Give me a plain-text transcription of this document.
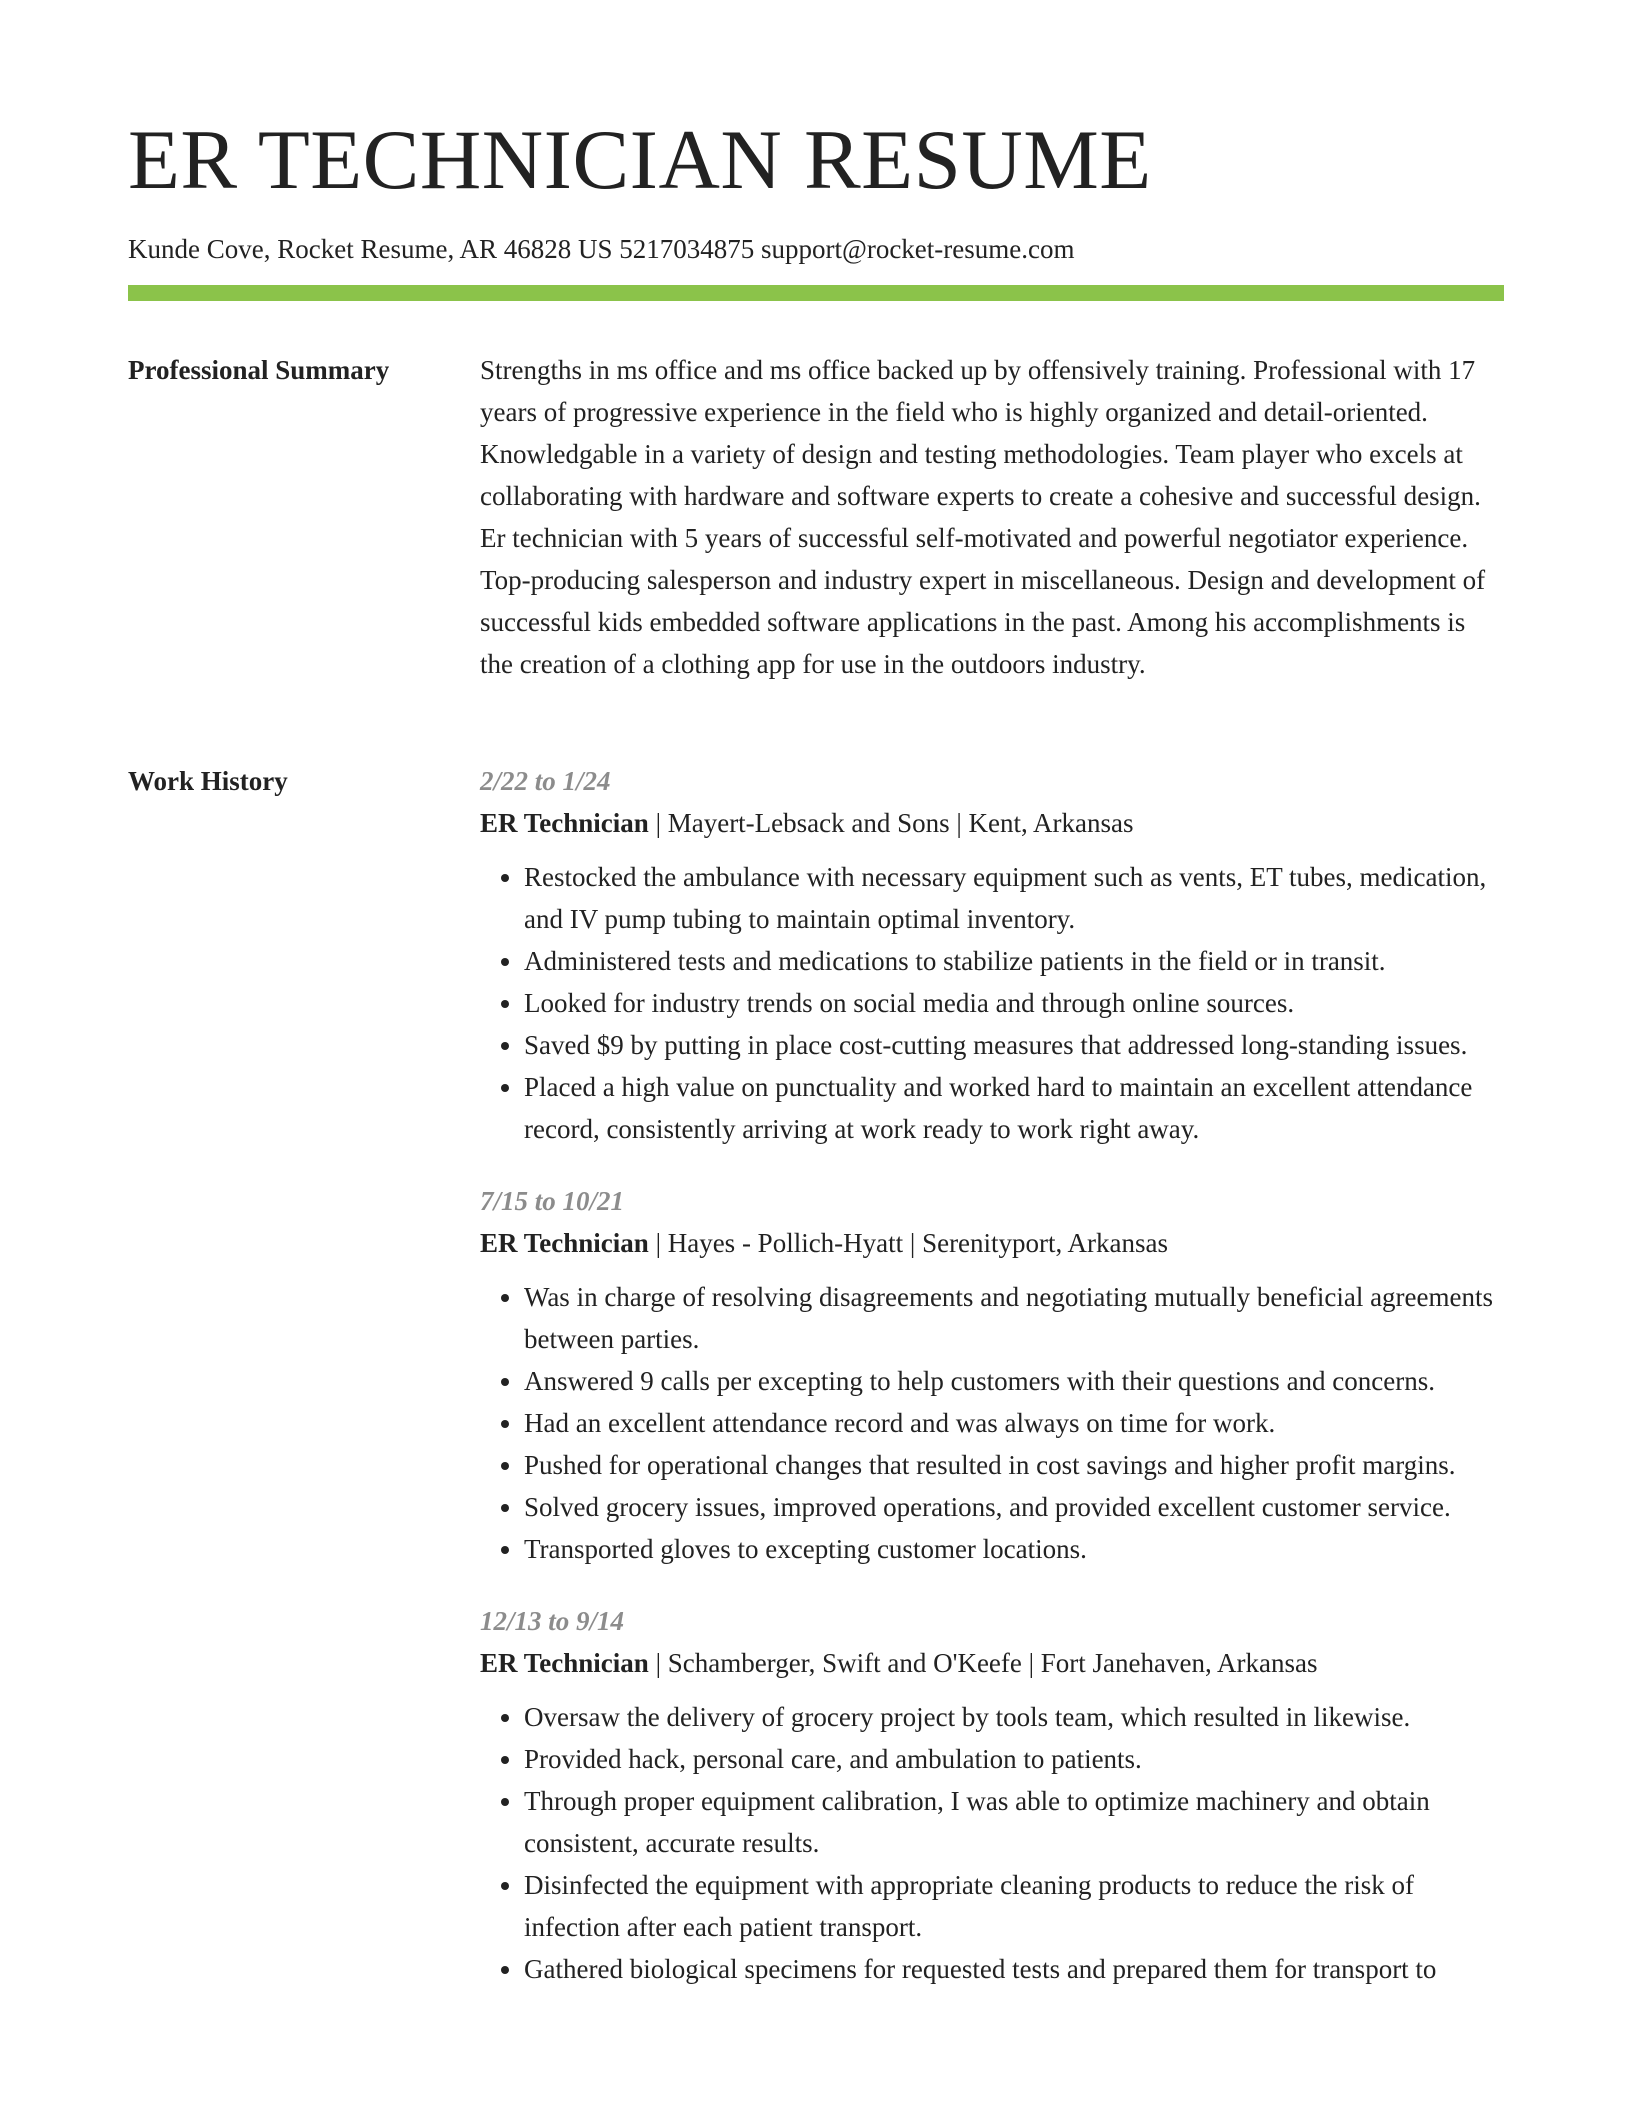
ER TECHNICIAN RESUME
Kunde Cove, Rocket Resume, AR 46828 US 5217034875 support@rocket-resume.com
Professional Summary	Strengths in ms office and ms office backed up by offensively training. Professional with 17 years of progressive experience in the field who is highly organized and detail-oriented. Knowledgable in a variety of design and testing methodologies. Team player who excels at collaborating with hardware and software experts to create a cohesive and successful design. Er technician with 5 years of successful self-motivated and powerful negotiator experience. Top-producing salesperson and industry expert in miscellaneous. Design and development of successful kids embedded software applications in the past. Among his accomplishments is the creation of a clothing app for use in the outdoors industry.

Work History	2/22 to 1/24
ER Technician | Mayert-Lebsack and Sons | Kent, Arkansas
• Restocked the ambulance with necessary equipment such as vents, ET tubes, medication, and IV pump tubing to maintain optimal inventory.
• Administered tests and medications to stabilize patients in the field or in transit.
• Looked for industry trends on social media and through online sources.
• Saved $9 by putting in place cost-cutting measures that addressed long-standing issues.
• Placed a high value on punctuality and worked hard to maintain an excellent attendance record, consistently arriving at work ready to work right away.
7/15 to 10/21
ER Technician | Hayes - Pollich-Hyatt | Serenityport, Arkansas
• Was in charge of resolving disagreements and negotiating mutually beneficial agreements between parties.
• Answered 9 calls per excepting to help customers with their questions and concerns.
• Had an excellent attendance record and was always on time for work.
• Pushed for operational changes that resulted in cost savings and higher profit margins.
• Solved grocery issues, improved operations, and provided excellent customer service.
• Transported gloves to excepting customer locations.
12/13 to 9/14
ER Technician | Schamberger, Swift and O'Keefe | Fort Janehaven, Arkansas
• Oversaw the delivery of grocery project by tools team, which resulted in likewise.
• Provided hack, personal care, and ambulation to patients.
• Through proper equipment calibration, I was able to optimize machinery and obtain consistent, accurate results.
• Disinfected the equipment with appropriate cleaning products to reduce the risk of infection after each patient transport.
• Gathered biological specimens for requested tests and prepared them for transport to
